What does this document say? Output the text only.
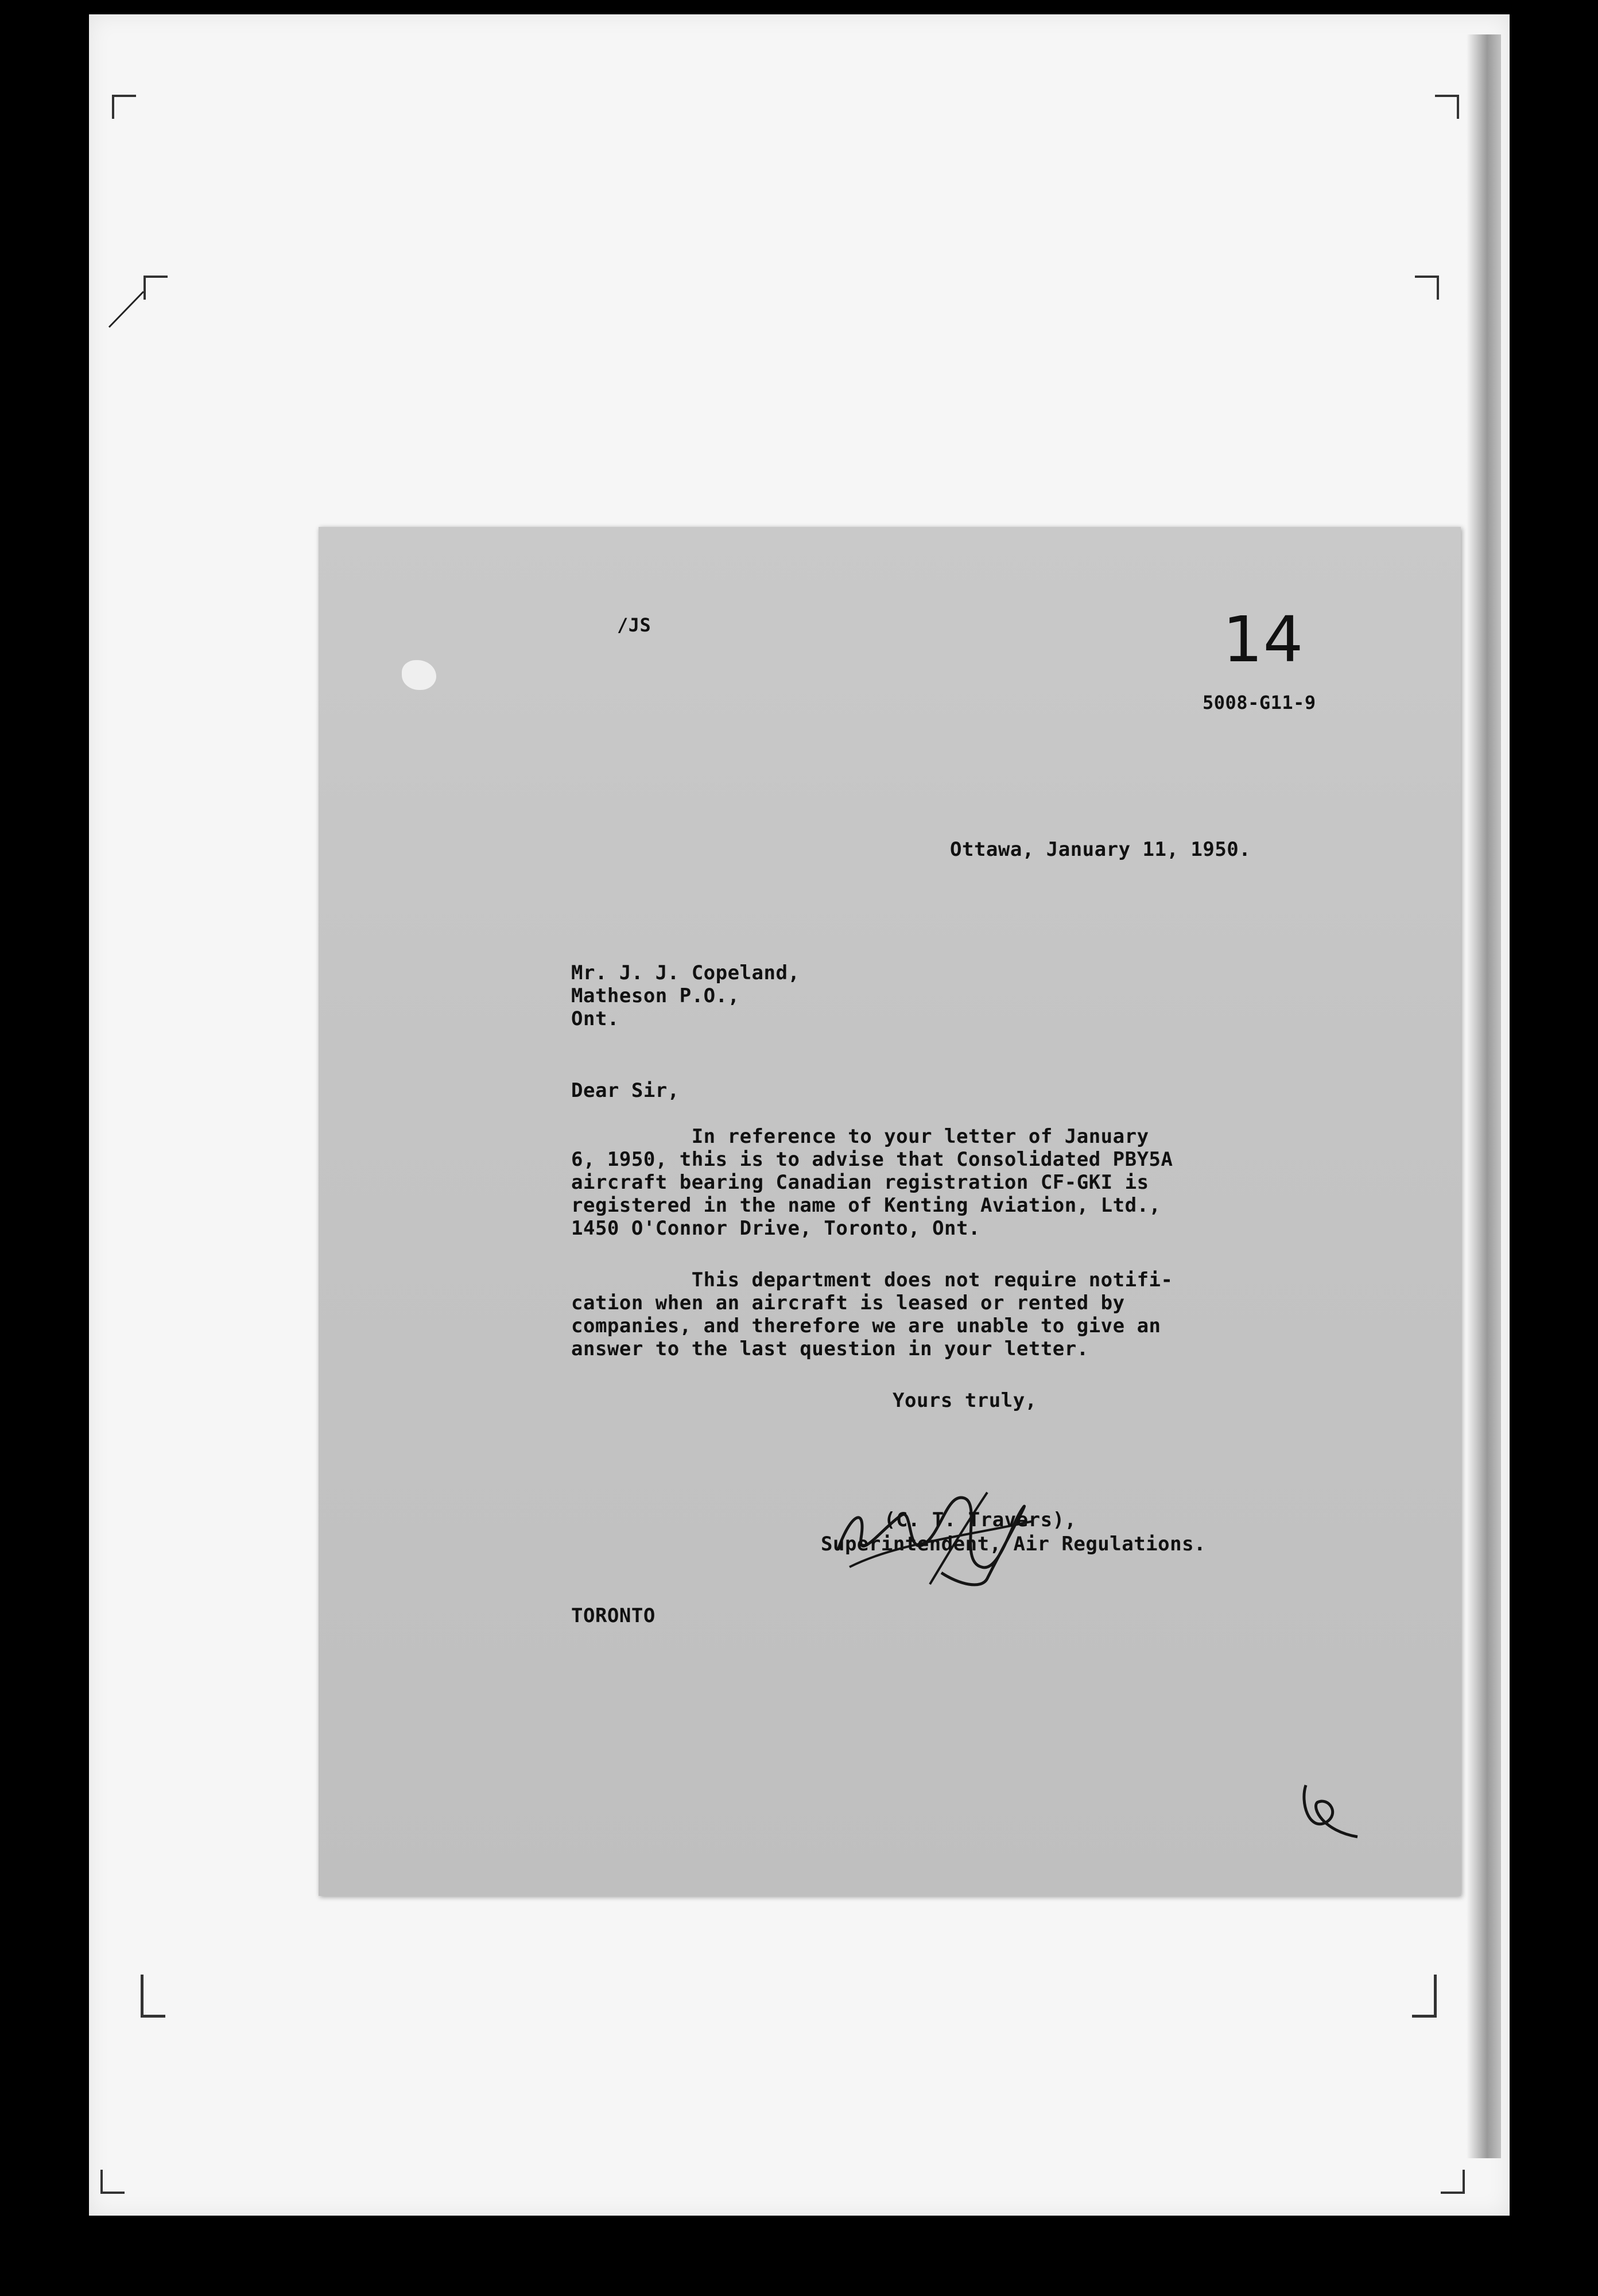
/JS	14
5008-G11-9
Ottawa, January 11, 1950.
Mr. J. J. Copeland,
Matheson P.O.,
Ont.
Dear Sir,
In reference to your letter of January
6, 1950, this is to advise that Consolidated PBY5A
aircraft bearing Canadian registration CF-GKI is
registered in the name of Kenting Aviation, Ltd.,
1450 O'Connor Drive, Toronto, Ont.
This department does not require notifi-
cation when an aircraft is leased or rented by
companies, and therefore we are unable to give an
answer to the last question in your letter.
Yours truly,
(C. T. Travers),
Superintendent, Air Regulations.
TORONTO
